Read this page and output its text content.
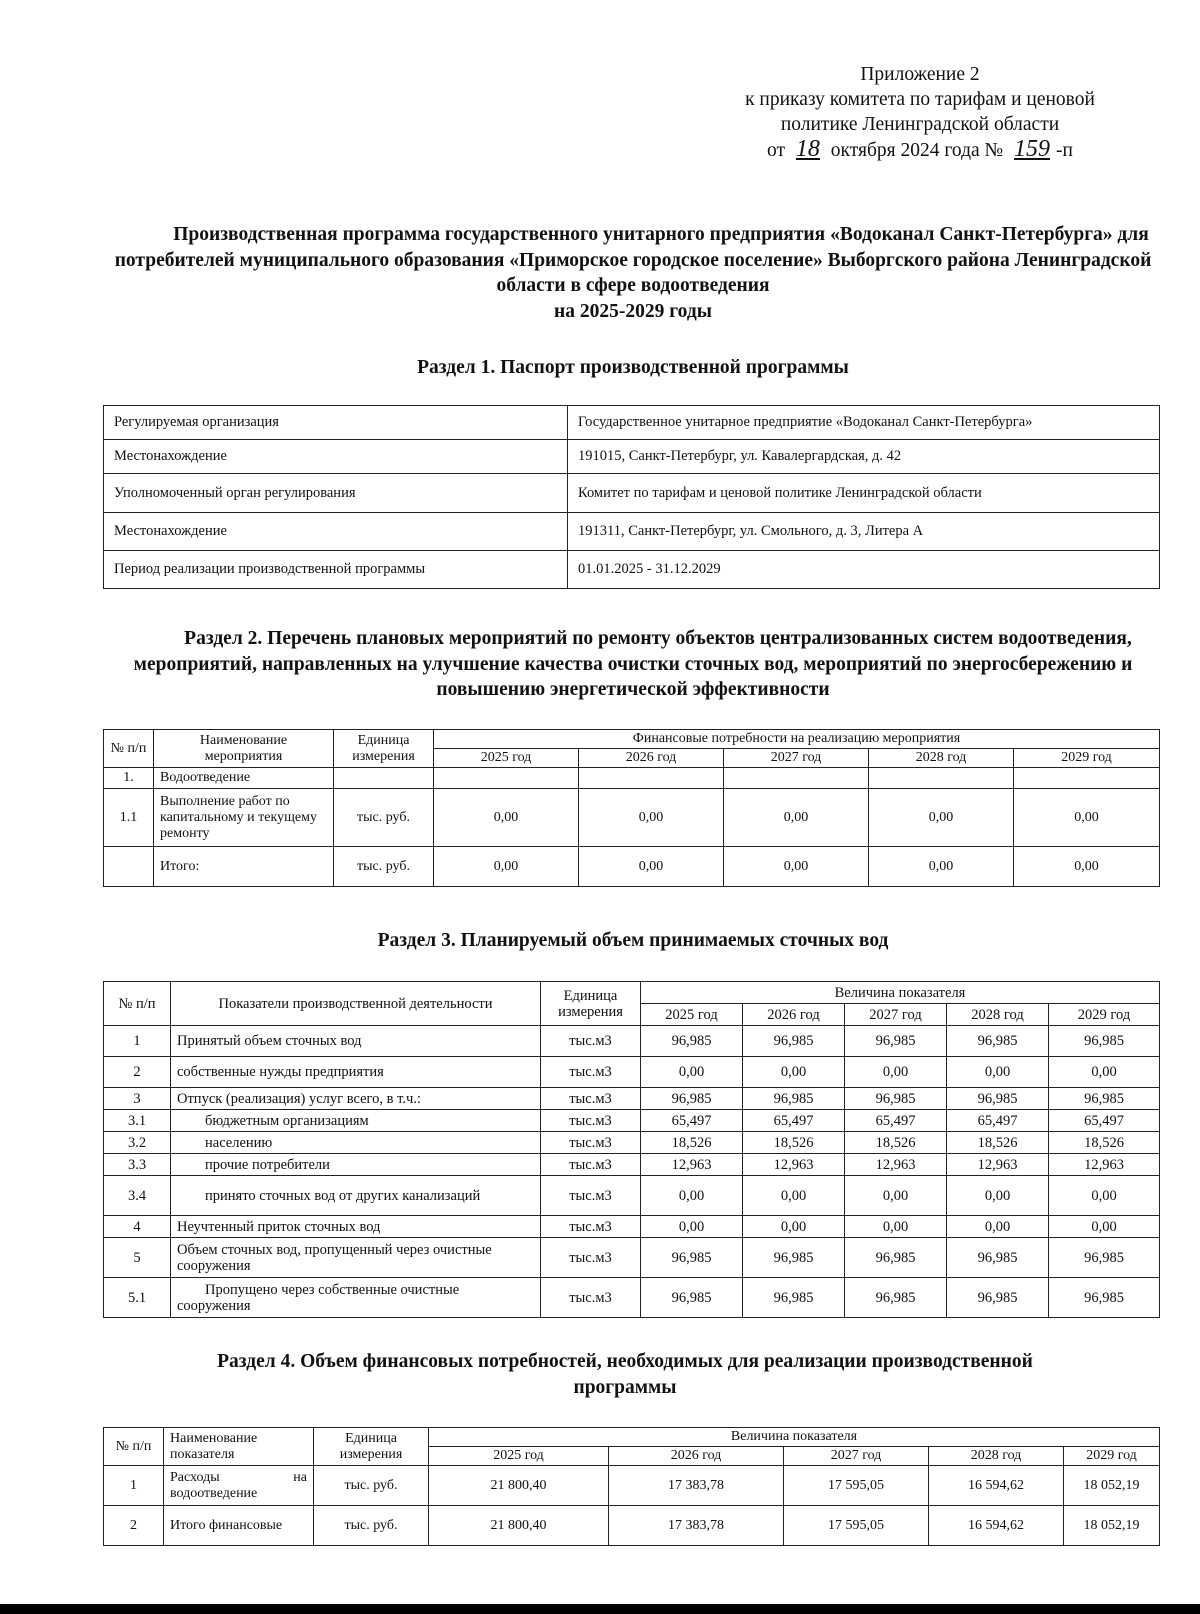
Приложение 2
к приказу комитета по тарифам и ценовой
политике Ленинградской области
от 18 октября 2024 года № 159 -п
Производственная программа государственного унитарного предприятия «Водоканал Санкт-Петербурга» для потребителей муниципального образования «Приморское городское поселение» Выборгского района Ленинградской области в сфере водоотведения
на 2025-2029 годы
Раздел 1. Паспорт производственной программы
Регулируемая организация	Государственное унитарное предприятие «Водоканал Санкт-Петербурга»
Местонахождение	191015, Санкт-Петербург, ул. Кавалергардская, д. 42
Уполномоченный орган регулирования	Комитет по тарифам и ценовой политике Ленинградской области
Местонахождение	191311, Санкт-Петербург, ул. Смольного, д. 3, Литера А
Период реализации производственной программы	01.01.2025 - 31.12.2029
Раздел 2. Перечень плановых мероприятий по ремонту объектов централизованных систем водоотведения, мероприятий, направленных на улучшение качества очистки сточных вод, мероприятий по энергосбережению и повышению энергетической эффективности
№ п/п	Наименование мероприятия	Единица измерения	Финансовые потребности на реализацию мероприятия				
			2025 год	2026 год	2027 год	2028 год	2029 год
1.	Водоотведение						
1.1	Выполнение работ по капитальному и текущему ремонту	тыс. руб.	0,00	0,00	0,00	0,00	0,00
	Итого:	тыс. руб.	0,00	0,00	0,00	0,00	0,00
Раздел 3. Планируемый объем принимаемых сточных вод
№ п/п	Показатели производственной деятельности	Единица измерения	Величина показателя				
			2025 год	2026 год	2027 год	2028 год	2029 год
1	Принятый объем сточных вод	тыс.м3	96,985	96,985	96,985	96,985	96,985
2	собственные нужды предприятия	тыс.м3	0,00	0,00	0,00	0,00	0,00
3	Отпуск (реализация) услуг всего, в т.ч.:	тыс.м3	96,985	96,985	96,985	96,985	96,985
3.1	бюджетным организациям	тыс.м3	65,497	65,497	65,497	65,497	65,497
3.2	населению	тыс.м3	18,526	18,526	18,526	18,526	18,526
3.3	прочие потребители	тыс.м3	12,963	12,963	12,963	12,963	12,963
3.4	принято сточных вод от других канализаций	тыс.м3	0,00	0,00	0,00	0,00	0,00
4	Неучтенный приток сточных вод	тыс.м3	0,00	0,00	0,00	0,00	0,00
5	Объем сточных вод, пропущенный через очистные сооружения	тыс.м3	96,985	96,985	96,985	96,985	96,985
5.1	Пропущено через собственные очистные сооружения	тыс.м3	96,985	96,985	96,985	96,985	96,985
Раздел 4. Объем финансовых потребностей, необходимых для реализации производственной программы
№ п/п	Наименование показателя	Единица измерения	Величина показателя				
			2025 год	2026 год	2027 год	2028 год	2029 год
1	Расходы на водоотведение	тыс. руб.	21 800,40	17 383,78	17 595,05	16 594,62	18 052,19
2	Итого финансовые	тыс. руб.	21 800,40	17 383,78	17 595,05	16 594,62	18 052,19
